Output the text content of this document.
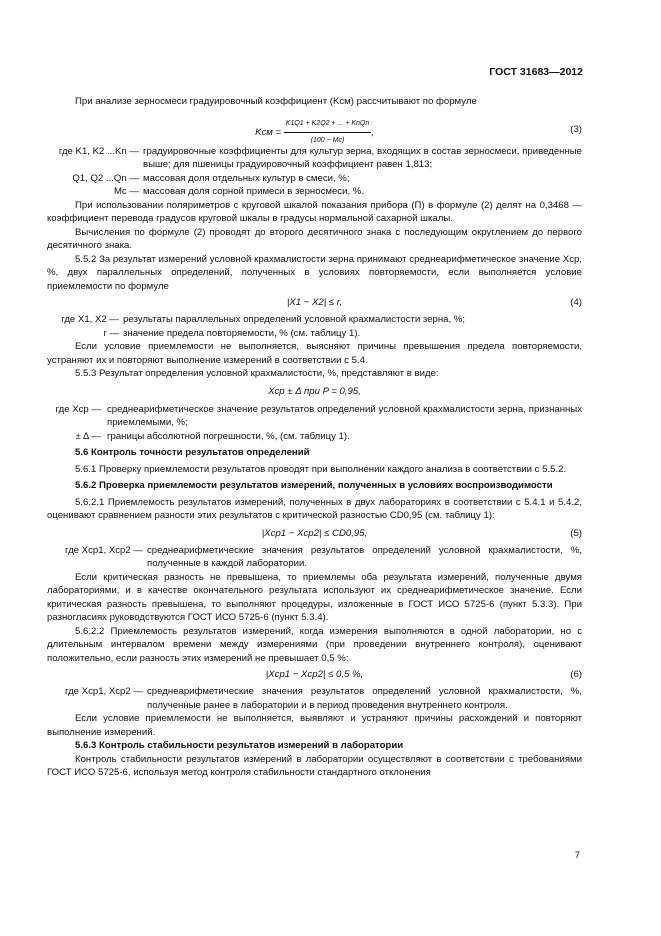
ГОСТ 31683—2012

При анализе зерносмеси градуировочный коэффициент (Kсм) рассчитывают по формуле

Kсм = $\frac{\text{K1Q1 + K2Q2 + ... + KnQn}}{(100 - Mc)}$ ,	(3)
где K1, K2 ...Kn — градуировочные коэффициенты для культур зерна, входящих в состав зерносмеси, приведенные выше; для пшеницы градуировочный коэффициент равен 1,813;
Q1, Q2 ...Qn — массовая доля отдельных культур в смеси, %;
Mc — массовая доля сорной примеси в зерносмеси, %.

При использовании поляриметров с круговой шкалой показания прибора (П) в формуле (2) делят на 0,3468 — коэффициент перевода градусов круговой шкалы в градусы нормальной сахарной шкалы.

Вычисления по формуле (2) проводят до второго десятичного знака с последующим округлением до первого десятичного знака.

5.5.2 За результат измерений условной крахмалистости зерна принимают среднеарифметическое значение Xср, %, двух параллельных определений, полученных в условиях повторяемости, если выполняется условие приемлемости по формуле

|X1 − X2| ≤ r,	(4)
где X1, X2 — результаты параллельных определений условной крахмалистости зерна, %;
r — значение предела повторяемости, % (см. таблицу 1).

Если условие приемлемости не выполняется, выясняют причины превышения предела повторяемости, устраняют их и повторяют выполнение измерений в соответствии с 5.4.

5.5.3 Результат определения условной крахмалистости, %, представляют в виде:

Xср ± Δ при P = 0,95,
где Xср — среднеарифметическое значение результатов определений условной крахмалистости зерна, признанных приемлемыми, %;
± Δ — границы абсолютной погрешности, %, (см. таблицу 1).

5.6 Контроль точности результатов определений

5.6.1 Проверку приемлемости результатов проводят при выполнении каждого анализа в соответствии с 5.5.2.

5.6.2 Проверка приемлемости результатов измерений, полученных в условиях воспроизводимости

5.6.2.1 Приемлемость результатов измерений, полученных в двух лабораториях в соответствии с 5.4.1 и 5.4.2, оценивают сравнением разности этих результатов с критической разностью CD0,95 (см. таблицу 1):

|Xср1 − Xср2| ≤ CD0,95,	(5)
где Xср1, Xср2 — среднеарифметические значения результатов определений условной крахмалистости, %, полученные в каждой лаборатории.

Если критическая разность не превышена, то приемлемы оба результата измерений, полученные двумя лабораториями, и в качестве окончательного результата используют их среднеарифметическое значение. Если критическая разность превышена, то выполняют процедуры, изложенные в ГОСТ ИСО 5725-6 (пункт 5.3.3). При разногласиях руководствуются ГОСТ ИСО 5725-6 (пункт 5.3.4).

5.6.2.2 Приемлемость результатов измерений, когда измерения выполняются в одной лаборатории, но с длительным интервалом времени между измерениями (при проведении внутреннего контроля), оценивают положительно, если разность этих измерений не превышает 0,5 %:

|Xср1 − Xср2| ≤ 0,5 %,	(6)
где Xср1, Xср2 — среднеарифметические значения результатов определений условной крахмалистости, %, полученные ранее в лаборатории и в период проведения внутреннего контроля.

Если условие приемлемости не выполняется, выявляют и устраняют причины расхождений и повторяют выполнение измерений.

5.6.3 Контроль стабильности результатов измерений в лаборатории

Контроль стабильности результатов измерений в лаборатории осуществляют в соответствии с требованиями ГОСТ ИСО 5725-6, используя метод контроля стабильности стандартного отклонения

7
